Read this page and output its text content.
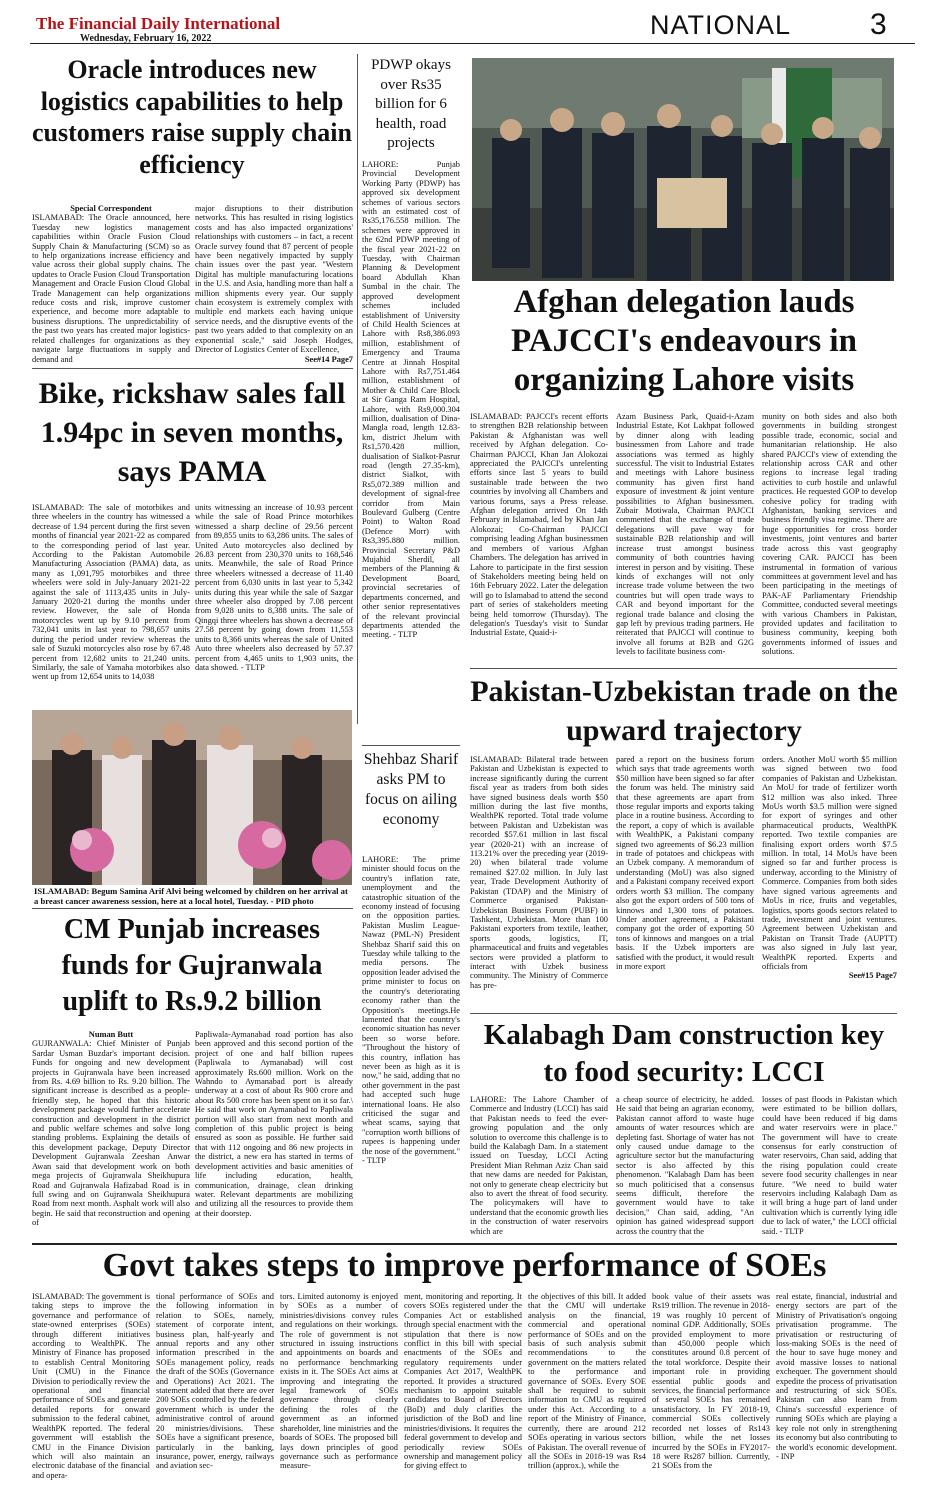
The Financial Daily International
Wednesday, February 16, 2022	NATIONAL	3
Oracle introduces new logistics capabilities to help customers raise supply chain efficiency
Special Correspondent
ISLAMABAD: The Oracle announced, here Tuesday new logistics management capabilities within Oracle Fusion Cloud Supply Chain & Manufacturing (SCM) so as to help organizations increase efficiency and value across their global supply chains. The updates to Oracle Fusion Cloud Transportation Management and Oracle Fusion Cloud Global Trade Management can help organizations reduce costs and risk, improve customer experience, and become more adaptable to business disruptions. The unpredictability of the past two years has created major logistics-related challenges for organizations as they navigate large fluctuations in supply and demand and
major disruptions to their distribution networks. This has resulted in rising logistics costs and has also impacted organizations' relationships with customers – in fact, a recent Oracle survey found that 87 percent of people have been negatively impacted by supply chain issues over the past year. "Western Digital has multiple manufacturing locations in the U.S. and Asia, handling more than half a million shipments every year. Our supply chain ecosystem is extremely complex with multiple end markets each having unique service needs, and the disruptive events of the past two years added to that complexity on an exponential scale," said Joseph Hodges, Director of Logistics Center of Excellence,
See#14 Page7
PDWP okays over Rs35 billion for 6 health, road projects
LAHORE: Punjab Provincial Development Working Party (PDWP) has approved six development schemes of various sectors with an estimated cost of Rs35,176.558 million. The schemes were approved in the 62nd PDWP meeting of the fiscal year 2021-22 on Tuesday, with Chairman Planning & Development board Abdullah Khan Sumbal in the chair. The approved development schemes included establishment of University of Child Health Sciences at Lahore with Rs8,386.093 million, establishment of Emergency and Trauma Centre at Jinnah Hospital Lahore with Rs7,751.464 million, establishment of Mother & Child Care Block at Sir Ganga Ram Hospital, Lahore, with Rs9,000.304 million, dualisation of Dina-Mangla road, length 12.83-km, district Jhelum with Rs1,570.428 million, dualisation of Sialkot-Pasrur road (length 27.35-km), district Sialkot, with Rs5,072.389 million and development of signal-free corridor from Main Boulevard Gulberg (Centre Point) to Walton Road (Defence Morr) with Rs3,395.880 million. Provincial Secretary P&D Mujahid Sherdil, all members of the Planning & Development Board, provincial secretaries of departments concerned, and other senior representatives of the relevant provincial departments attended the meeting. - TLTP
Afghan delegation lauds PAJCCI's endeavours in organizing Lahore visits
ISLAMABAD: PAJCCI's recent efforts to strengthen B2B relationship between Pakistan & Afghanistan was well received by Afghan delegation. Co-Chairman PAJCCI, Khan Jan Alokozai appreciated the PAJCCI's unrelenting efforts since last 5 years to build sustainable trade between the two countries by involving all Chambers and various forums, says a Press release. Afghan delegation arrived On 14th February in Islamabad, led by Khan Jan Alokozai; Co-Chairman PAJCCI comprising leading Afghan businessmen and members of various Afghan Chambers. The delegation has arrived in Lahore to participate in the first session of Stakeholders meeting being held on 16th February 2022. Later the delegation will go to Islamabad to attend the second part of series of stakeholders meeting being held tomorrow (Thursday). The delegation's Tuesday's visit to Sundar Industrial Estate, Quaid-i-
Azam Business Park, Quaid-i-Azam Industrial Estate, Kot Lakhpat followed by dinner along with leading businessmen from Lahore and trade associations was termed as highly successful. The visit to Industrial Estates and meetings with Lahore business community has given first hand exposure of investment & joint venture possibilities to Afghan businessmen. Zubair Motiwala, Chairman PAJCCI commented that the exchange of trade delegations will pave way for sustainable B2B relationship and will increase trust amongst business community of both countries having interest in person and by visiting. These kinds of exchanges will not only increase trade volume between the two countries but will open trade ways to CAR and beyond important for the regional trade balance and closing the gap left by previous trading partners. He reiterated that PAJCCI will continue to involve all forums at B2B and G2G levels to facilitate business com-
munity on both sides and also both governments in building strongest possible trade, economic, social and humanitarian relationship. He also shared PAJCCI's view of extending the relationship across CAR and other regions to increase legal trading activities to curb hostile and unlawful practices. He requested GOP to develop cohesive policy for trading with Afghanistan, banking services and business friendly visa regime. There are huge opportunities for cross border investments, joint ventures and barter trade across this vast geography covering CAR. PAJCCI has been instrumental in formation of various committees at government level and has been participating in the meetings of PAK-AF Parliamentary Friendship Committee, conducted several meetings with various Chambers in Pakistan, provided updates and facilitation to business community, keeping both governments informed of issues and solutions.
Bike, rickshaw sales fall 1.94pc in seven months, says PAMA
ISLAMABAD: The sale of motorbikes and three wheelers in the country has witnessed a decrease of 1.94 percent during the first seven months of financial year 2021-22 as compared to the corresponding period of last year. According to the Pakistan Automobile Manufacturing Association (PAMA) data, as many as 1,091,795 motorbikes and three wheelers were sold in July-January 2021-22 against the sale of 1113,435 units in July- January 2020-21 during the months under review. However, the sale of Honda motorcycles went up by 9.10 percent from 732,041 units in last year to 798,657 units during the period under review whereas the sale of Suzuki motorcycles also rose by 67.48 percent from 12,682 units to 21,240 units. Similarly, the sale of Yamaha motorbikes also went up from 12,654 units to 14,038
units witnessing an increase of 10.93 percent while the sale of Road Prince motorbikes witnessed a sharp decline of 29.56 percent from 89,855 units to 63,286 units. The sales of United Auto motorcycles also declined by 26.83 percent from 230,370 units to 168,546 units. Meanwhile, the sale of Road Prince three wheelers witnessed a decrease of 11.40 percent from 6,030 units in last year to 5,342 units during this year while the sale of Sazgar three wheeler also dropped by 7.08 percent from 9,028 units to 8,388 units. The sale of Qingqi three wheelers has shown a decrease of 27.58 percent by going down from 11,553 units to 8,366 units whereas the sale of United Auto three wheelers also decreased by 57.37 percent from 4,465 units to 1,903 units, the data showed. - TLTP
ISLAMABAD: Begum Samina Arif Alvi being welcomed by children on her arrival at a breast cancer awareness session, here at a local hotel, Tuesday. - PID photo
Shehbaz Sharif asks PM to focus on ailing economy
LAHORE: The prime minister should focus on the country's inflation rate, unemployment and the catastrophic situation of the economy instead of focusing on the opposition parties. Pakistan Muslim League-Nawaz (PML-N) President Shehbaz Sharif said this on Tuesday while talking to the media persons. The opposition leader advised the prime minister to focus on the country's deteriorating economy rather than the Opposition's meetings.He lamented that the country's economic situation has never been so worse before. "Throughout the history of this country, inflation has never been as high as it is now," he said, adding that no other government in the past had accepted such huge international loans. He also criticised the sugar and wheat scams, saying that "corruption worth billions of rupees is happening under the nose of the government." - TLTP
Pakistan-Uzbekistan trade on the upward trajectory
ISLAMABAD: Bilateral trade between Pakistan and Uzbekistan is expected to increase significantly during the current fiscal year as traders from both sides have signed business deals worth $50 million during the last five months, WealthPK reported. Total trade volume between Pakistan and Uzbekistan was recorded $57.61 million in last fiscal year (2020-21) with an increase of 113.21% over the preceding year (2019-20) when bilateral trade volume remained $27.02 million. In July last year, Trade Development Authority of Pakistan (TDAP) and the Ministry of Commerce organised Pakistan-Uzbekistan Business Forum (PUBF) in Tashkent, Uzbekistan. More than 100 Pakistani exporters from textile, leather, sports goods, logistics, IT, pharmaceutical and fruits and vegetables sectors were provided a platform to interact with Uzbek business community. The Ministry of Commerce has pre-
pared a report on the business forum which says that trade agreements worth $50 million have been signed so far after the forum was held. The ministry said that these agreements are apart from those regular imports and exports taking place in a routine business. According to the report, a copy of which is available with WealthPK, a Pakistani company signed two agreements of $6.23 million in trade of potatoes and chickpeas with an Uzbek company. A memorandum of understanding (MoU) was also signed and a Pakistani company received export orders worth $3 million. The company also got the export orders of 500 tons of kinnows and 1,300 tons of potatoes. Under another agreement, a Pakistani company got the order of exporting 50 tons of kinnows and mangoes on a trial basis. If the Uzbek importers are satisfied with the product, it would result in more export
orders. Another MoU worth $5 million was signed between two food companies of Pakistan and Uzbekistan. An MoU for trade of fertilizer worth $12 million was also inked. Three MoUs worth $3.5 million were signed for export of syringes and other pharmaceutical products, WealthPK reported. Two textile companies are finalising export orders worth $7.5 million. In total, 14 MoUs have been signed so far and further process is underway, according to the Ministry of Commerce. Companies from both sides have signed various agreements and MoUs in rice, fruits and vegetables, logistics, sports goods sectors related to trade, investment and joint ventures. Agreement between Uzbekistan and Pakistan on Transit Trade (AUPTT) was also signed in July last year, WealthPK reported. Experts and officials from
See#15 Page7
CM Punjab increases funds for Gujranwala uplift to Rs.9.2 billion
Numan Butt
GUJRANWALA: Chief Minister of Punjab Sardar Usman Buzdar's important decision. Funds for ongoing and new development projects in Gujranwala have been increased from Rs. 4.69 billion to Rs. 9.20 billion. The significant increase is described as a people-friendly step, he hoped that this historic development package would further accelerate construction and development in the district and public welfare schemes and solve long standing problems. Explaining the details of this development package, Deputy Director Development Gujranwala Zeeshan Anwar Awan said that development work on both mega projects of Gujranwala Sheikhupura Road and Gujranwala Hafizabad Road is in full swing and on Gujranwala Sheikhupura Road from next month. Asphalt work will also begin. He said that reconstruction and opening of
Papliwala-Aymanabad road portion has also been approved and this second portion of the project of one and half billion rupees (Papliwala to Aymanabad) will cost approximately Rs.600 million. Work on the Wahndo to Aymanabad port is already underway at a cost of about Rs 900 crore and about Rs 500 crore has been spent on it so far.\ He said that work on Aymanabad to Papliwala portion will also start from next month and completion of this public project is being ensured as soon as possible. He further said that with 112 ongoing and 86 new projects in the district, a new era has started in terms of development activities and basic amenities of life including education, health, communication, drainage, clean drinking water. Relevant departments are mobilizing and utilizing all the resources to provide them at their doorstep.
Kalabagh Dam construction key to food security: LCCI
LAHORE: The Lahore Chamber of Commerce and Industry (LCCI) has said that Pakistan needs to feed the ever-growing population and the only solution to overcome this challenge is to build the Kalabagh Dam. In a statement issued on Tuesday, LCCI Acting President Mian Rehman Aziz Chan said that new dams are needed for Pakistan, not only to generate cheap electricity but also to avert the threat of food security. The policymakers will have to understand that the economic growth lies in the construction of water reservoirs which are
a cheap source of electricity, he added. He said that being an agrarian economy, Pakistan cannot afford to waste huge amounts of water resources which are depleting fast. Shortage of water has not only caused undue damage to the agriculture sector but the manufacturing sector is also affected by this phenomenon. "Kalabagh Dam has been so much politicised that a consensus seems difficult, therefore the government would have to take decision," Chan said, adding, "An opinion has gained widespread support across the country that the
losses of past floods in Pakistan which were estimated to be billion dollars, could have been reduced if big dams and water reservoirs were in place." The government will have to create consensus for early construction of water reservoirs, Chan said, adding that the rising population could create severe food security challenges in near future. "We need to build water reservoirs including Kalabagh Dam as it will bring a huge part of land under cultivation which is currently lying idle due to lack of water," the LCCI official said. - TLTP
Govt takes steps to improve performance of SOEs
ISLAMABAD: The government is taking steps to improve the governance and performance of state-owned enterprises (SOEs) through different initiatives according to WealthPK. The Ministry of Finance has proposed to establish Central Monitoring Unit (CMU) in the Finance Division to periodically review the operational and financial performance of SOEs and generate detailed reports for onward submission to the federal cabinet, WealthPK reported. The federal government will establish the CMU in the Finance Division which will also maintain an electronic database of the financial and opera-
tional performance of SOEs and the following information in relation to SOEs, namely, statement of corporate intent, business plan, half-yearly and annual reports and any other information prescribed in the SOEs management policy, reads the draft of the SOEs (Governance and Operations) Act 2021. The statement added that there are over 200 SOEs controlled by the federal government which is under the administrative control of around 20 ministries/divisions. These SOEs have a significant presence, particularly in the banking, insurance, power, energy, railways and aviation sec-
tors. Limited autonomy is enjoyed by SOEs as a number of ministries/divisions convey rules and regulations on their workings. The role of government is not structured in issuing instructions and appointments on boards and no performance benchmarking exists in it. The SOEs Act aims at improving and integrating the legal framework of SOEs governance through clearly defining the roles of the government as an informed shareholder, line ministries and the boards of SOEs. The proposed bill lays down principles of good governance such as performance measure-
ment, monitoring and reporting. It covers SOEs registered under the Companies Act or established through special enactment with the stipulation that there is now conflict in this bill with special enactments of the SOEs and regulatory requirements under Companies Act 2017, WealthPK reported. It provides a structured mechanism to appoint suitable candidates to Board of Directors (BoD) and duly clarifies the jurisdiction of the BoD and line ministries/divisions. It requires the federal government to develop and periodically review SOEs ownership and management policy for giving effect to
the objectives of this bill. It added that the CMU will undertake analysis on the financial, commercial and operational performance of SOEs and on the basis of such analysis submit recommendations to the government on the matters related to the performance and governance of SOEs. Every SOE shall be required to submit information to CMU as required under this Act. According to a report of the Ministry of Finance, currently, there are around 212 SOEs operating in various sectors of Pakistan. The overall revenue of all the SOEs in 2018-19 was Rs4 trillion (approx.), while the
book value of their assets was Rs19 trillion. The revenue in 2018-19 was roughly 10 percent of nominal GDP. Additionally, SOEs provided employment to more than 450,000 people which constitutes around 0.8 percent of the total workforce. Despite their important role in providing essential public goods and services, the financial performance of several SOEs has remained unsatisfactory. In FY 2018-19, commercial SOEs collectively recorded net losses of Rs143 billion, while the net losses incurred by the SOEs in FY2017-18 were Rs287 billion. Currently, 21 SOEs from the
real estate, financial, industrial and energy sectors are part of the Ministry of Privatisation's ongoing privatisation programme. The privatisation or restructuring of loss-making SOEs is the need of the hour to save huge money and avoid massive losses to national exchequer. The government should expedite the process of privatisation and restructuring of sick SOEs. Pakistan can also learn from China's successful experience of running SOEs which are playing a key role not only in strengthening its economy but also contributing to the world's economic development. - INP
